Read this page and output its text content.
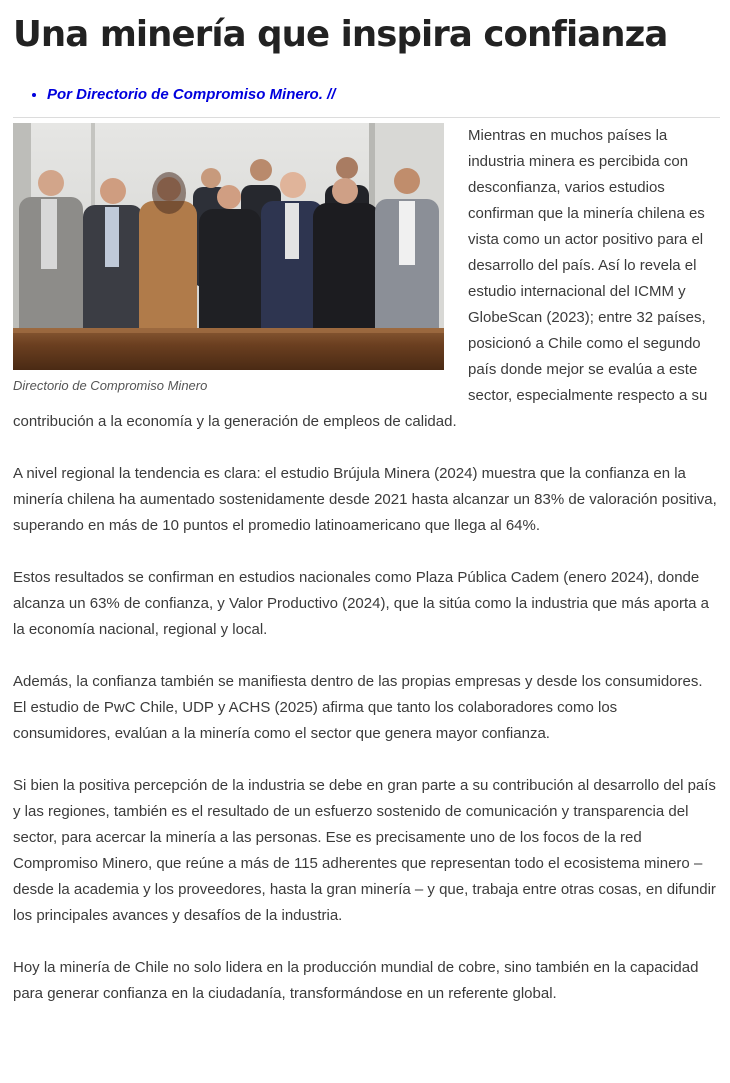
Una minería que inspira confianza
• Por Directorio de Compromiso Minero. //
Directorio de Compromiso Minero

Mientras en muchos países la industria minera es percibida con desconfianza, varios estudios confirman que la minería chilena es vista como un actor positivo para el desarrollo del país. Así lo revela el estudio internacional del ICMM y GlobeScan (2023); entre 32 países, posicionó a Chile como el segundo país donde mejor se evalúa a este sector, especialmente respecto a su contribución a la economía y la generación de empleos de calidad.

A nivel regional la tendencia es clara: el estudio Brújula Minera (2024) muestra que la confianza en la minería chilena ha aumentado sostenidamente desde 2021 hasta alcanzar un 83% de valoración positiva, superando en más de 10 puntos el promedio latinoamericano que llega al 64%.

Estos resultados se confirman en estudios nacionales como Plaza Pública Cadem (enero 2024), donde alcanza un 63% de confianza, y Valor Productivo (2024), que la sitúa como la industria que más aporta a la economía nacional, regional y local.

Además, la confianza también se manifiesta dentro de las propias empresas y desde los consumidores. El estudio de PwC Chile, UDP y ACHS (2025) afirma que tanto los colaboradores como los consumidores, evalúan a la minería como el sector que genera mayor confianza.

Si bien la positiva percepción de la industria se debe en gran parte a su contribución al desarrollo del país y las regiones, también es el resultado de un esfuerzo sostenido de comunicación y transparencia del sector, para acercar la minería a las personas. Ese es precisamente uno de los focos de la red Compromiso Minero, que reúne a más de 115 adherentes que representan todo el ecosistema minero – desde la academia y los proveedores, hasta la gran minería – y que, trabaja entre otras cosas, en difundir los principales avances y desafíos de la industria.

Hoy la minería de Chile no solo lidera en la producción mundial de cobre, sino también en la capacidad para generar confianza en la ciudadanía, transformándose en un referente global.
